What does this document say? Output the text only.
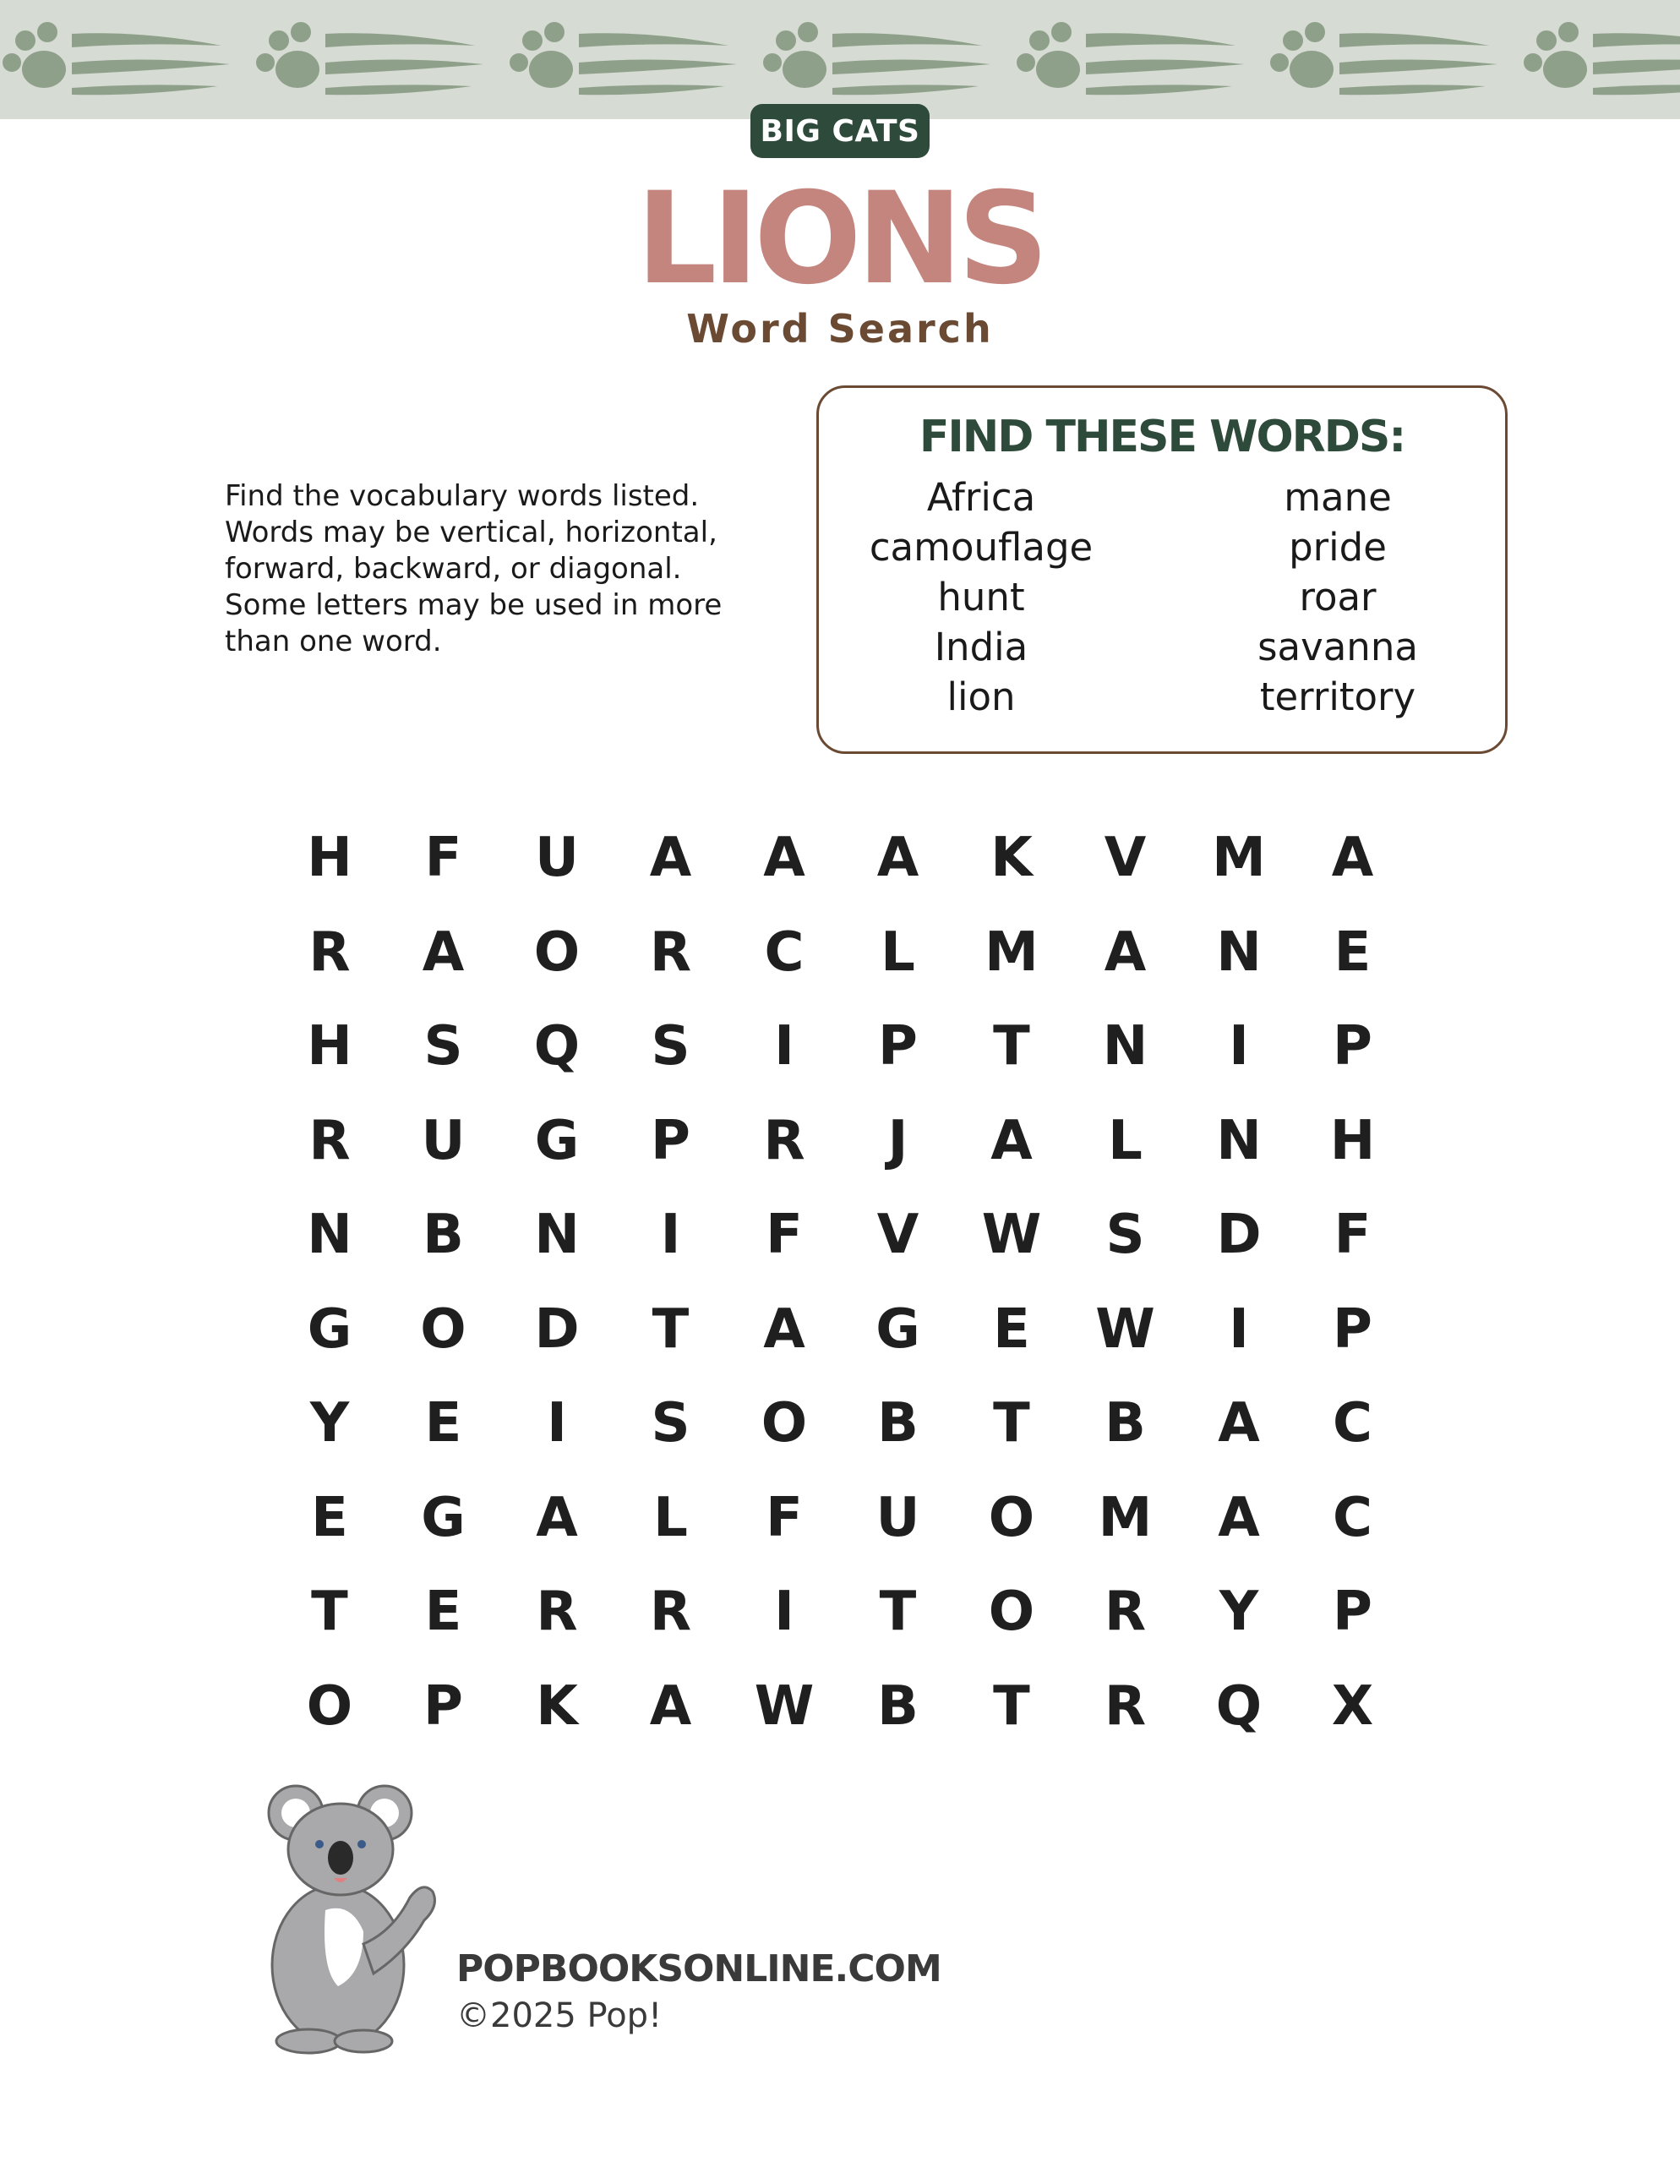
BIG CATS
LIONS
Word Search
Find the vocabulary words listed.
Words may be vertical, horizontal,
forward, backward, or diagonal.
Some letters may be used in more
than one word.
FIND THESE WORDS:
Africa
camouflage
hunt
India
lion
mane
pride
roar
savanna
territory
H	F	U	A	A	A	K	V	M	A
R	A	O	R	C	L	M	A	N	E
H	S	Q	S	I	P	T	N	I	P
R	U	G	P	R	J	A	L	N	H
N	B	N	I	F	V	W	S	D	F
G	O	D	T	A	G	E	W	I	P
Y	E	I	S	O	B	T	B	A	C
E	G	A	L	F	U	O	M	A	C
T	E	R	R	I	T	O	R	Y	P
O	P	K	A	W	B	T	R	Q	X
POPBOOKSONLINE.COM
©2025 Pop!
